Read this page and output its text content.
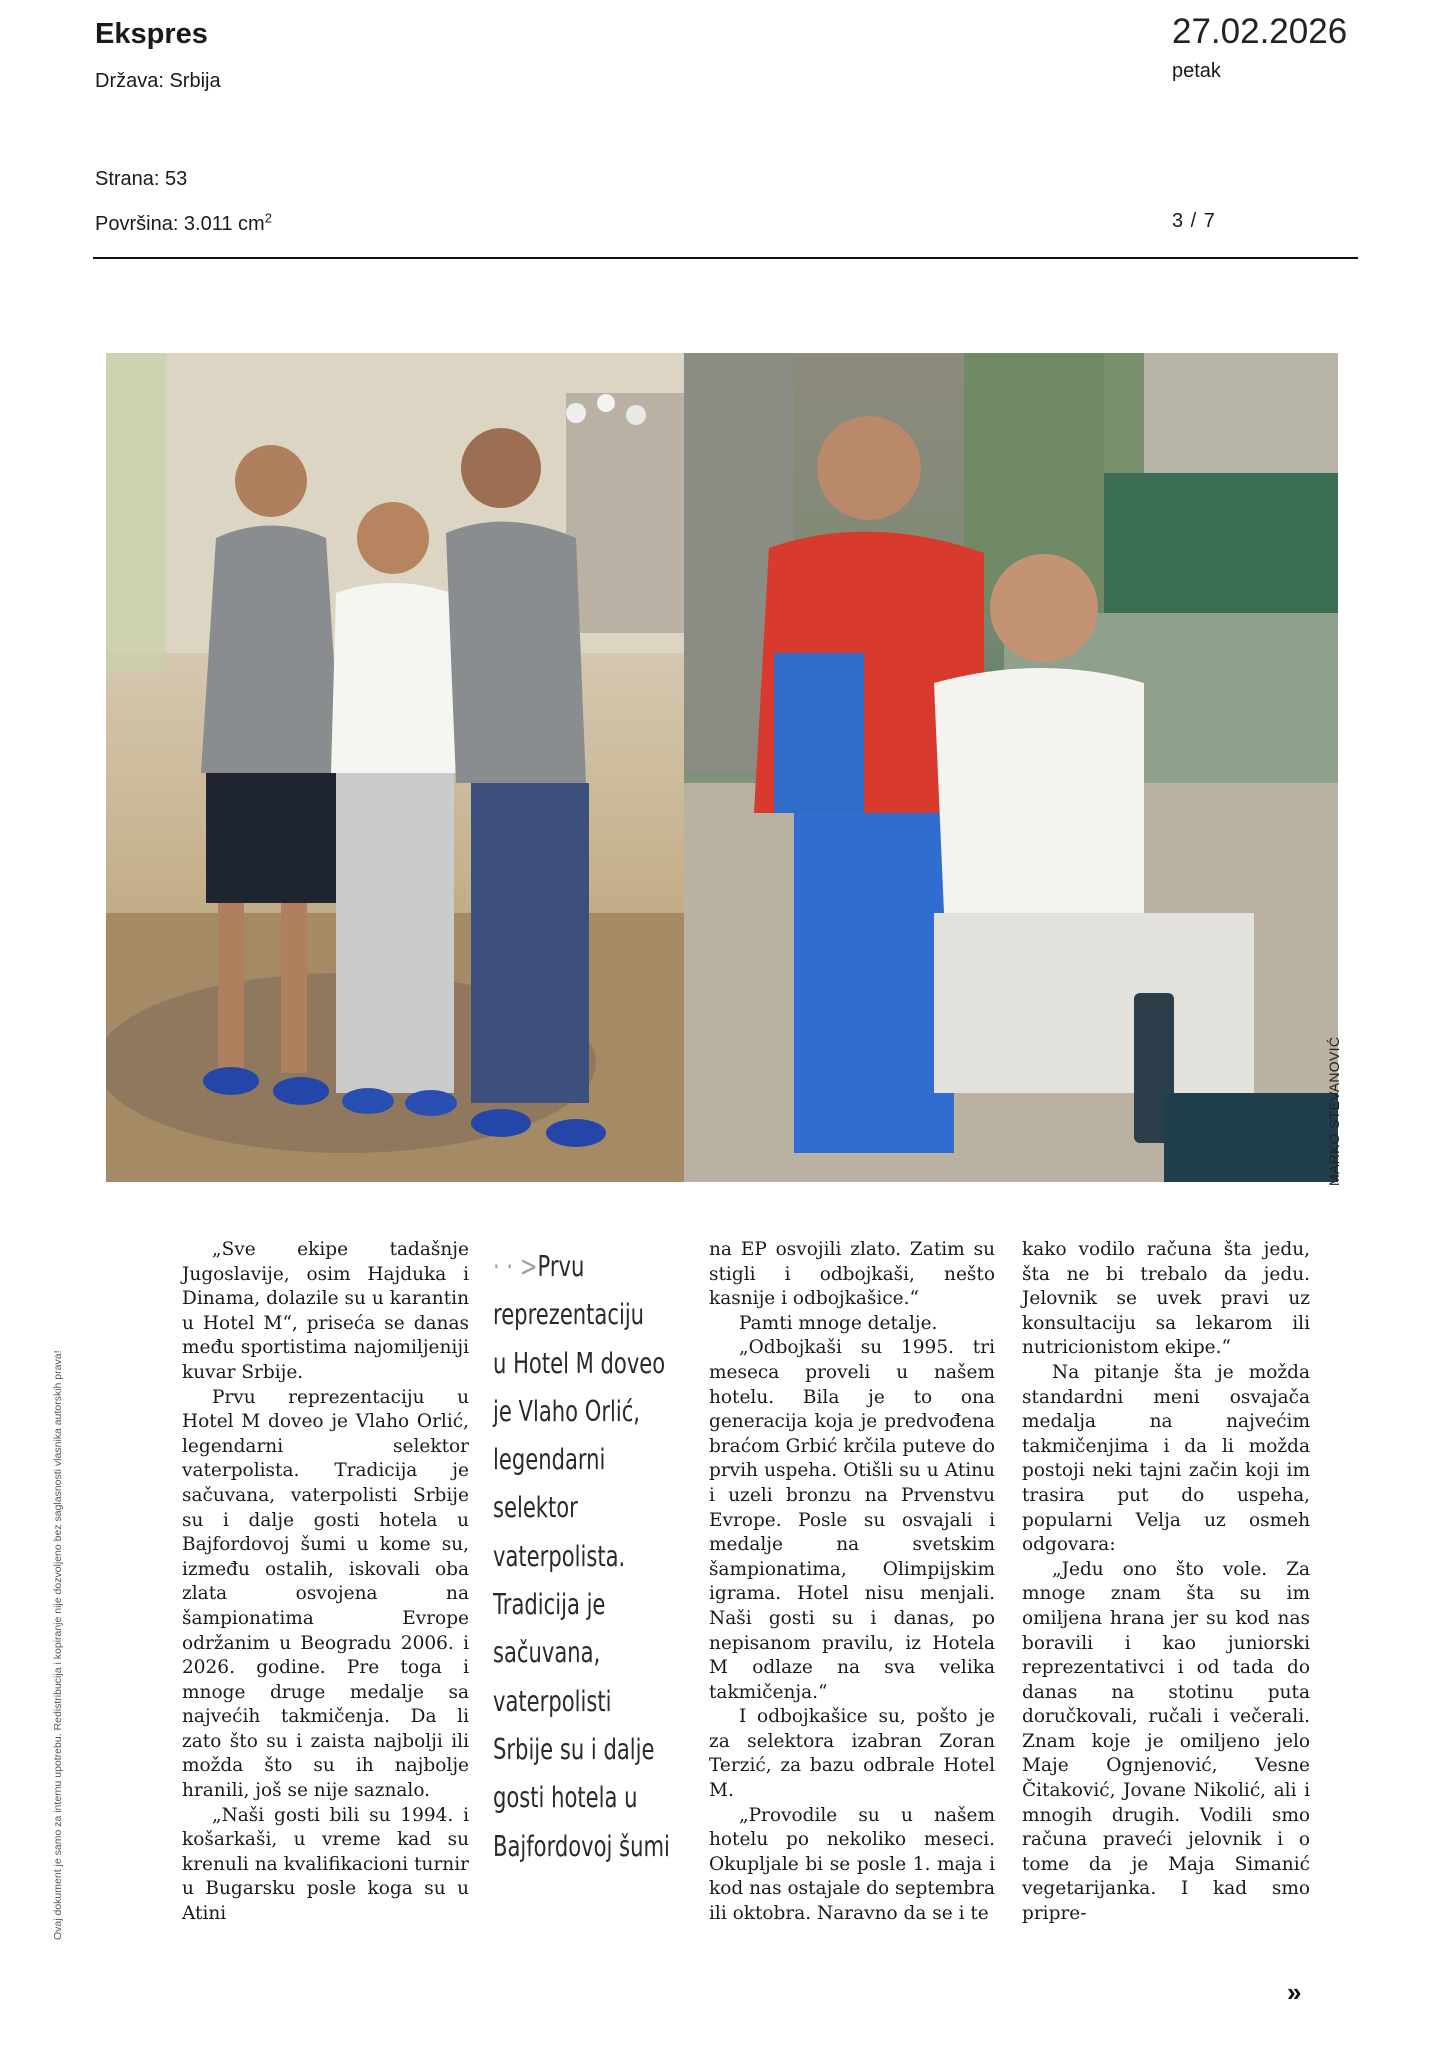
Ekspres
Država: Srbija
27.02.2026
petak
Strana: 53
Površina: 3.011 $cm^2$	3 / 7
MARKO STEVANOVIĆ
Ovaj dokument je samo za internu upotrebu. Redistribucija i kopiranje nije dozvoljeno bez saglasnosti vlasnika autorskih prava!

„Sve ekipe tadašnje Jugoslavije, osim Hajduka i Dinama, dolazile su u karantin u Hotel M“, priseća se danas među sportistima najomiljeniji kuvar Srbije.

Prvu reprezentaciju u Hotel M doveo je Vlaho Orlić, legendarni selektor vaterpolista. Tradicija je sačuvana, vaterpolisti Srbije su i dalje gosti hotela u Bajfordovoj šumi u kome su, između ostalih, iskovali oba zlata osvojena na šampionatima Evrope održanim u Beogradu 2006. i 2026. godine. Pre toga i mnoge druge medalje sa najvećih takmičenja. Da li zato što su i zaista najbolji ili možda što su ih najbolje hranili, još se nije saznalo.

„Naši gosti bili su 1994. i košarkaši, u vreme kad su krenuli na kvalifikacioni turnir u Bugarsku posle koga su u Atini

· · >Prvu
reprezentaciju
u Hotel M doveo
je Vlaho Orlić,
legendarni
selektor
vaterpolista.
Tradicija je
sačuvana,
vaterpolisti
Srbije su i dalje
gosti hotela u
Bajfordovoj šumi

na EP osvojili zlato. Zatim su stigli i odbojkaši, nešto kasnije i odbojkašice.“

Pamti mnoge detalje.

„Odbojkaši su 1995. tri meseca proveli u našem hotelu. Bila je to ona generacija koja je predvođena braćom Grbić krčila puteve do prvih uspeha. Otišli su u Atinu i uzeli bronzu na Prvenstvu Evrope. Posle su osvajali i medalje na svetskim šampionatima, Olimpijskim igrama. Hotel nisu menjali. Naši gosti su i danas, po nepisanom pravilu, iz Hotela M odlaze na sva velika takmičenja.“

I odbojkašice su, pošto je za selektora izabran Zoran Terzić, za bazu odbrale Hotel M.

„Provodile su u našem hotelu po nekoliko meseci. Okupljale bi se posle 1. maja i kod nas ostajale do septembra ili oktobra. Naravno da se i te

kako vodilo računa šta jedu, šta ne bi trebalo da jedu. Jelovnik se uvek pravi uz konsultaciju sa lekarom ili nutricionistom ekipe.“

Na pitanje šta je možda standardni meni osvajača medalja na najvećim takmičenjima i da li možda postoji neki tajni začin koji im trasira put do uspeha, popularni Velja uz osmeh odgovara:

„Jedu ono što vole. Za mnoge znam šta su im omiljena hrana jer su kod nas boravili i kao juniorski reprezentativci i od tada do danas na stotinu puta doručkovali, ručali i večerali. Znam koje je omiljeno jelo Maje Ognjenović, Vesne Čitaković, Jovane Nikolić, ali i mnogih drugih. Vodili smo računa praveći jelovnik i o tome da je Maja Simanić vegetarijanka. I kad smo pripre-

»
